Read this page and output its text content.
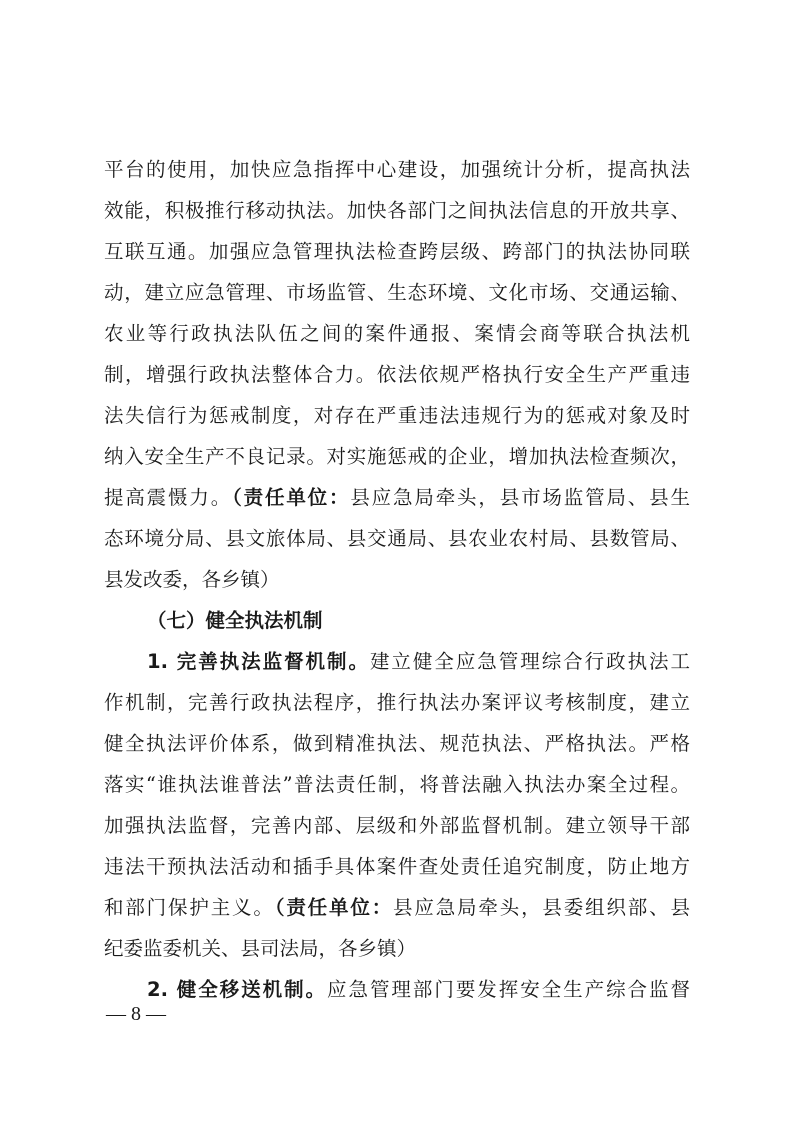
平台的使用，加快应急指挥中心建设，加强统计分析，提高执法
效能，积极推行移动执法。加快各部门之间执法信息的开放共享、
互联互通。加强应急管理执法检查跨层级、跨部门的执法协同联
动，建立应急管理、市场监管、生态环境、文化市场、交通运输、
农业等行政执法队伍之间的案件通报、案情会商等联合执法机
制，增强行政执法整体合力。依法依规严格执行安全生产严重违
法失信行为惩戒制度，对存在严重违法违规行为的惩戒对象及时
纳入安全生产不良记录。对实施惩戒的企业，增加执法检查频次，
提高震慑力。（责任单位：县应急局牵头，县市场监管局、县生
态环境分局、县文旅体局、县交通局、县农业农村局、县数管局、
县发改委，各乡镇）
（七）健全执法机制
1. 完善执法监督机制。建立健全应急管理综合行政执法工
作机制，完善行政执法程序，推行执法办案评议考核制度，建立
健全执法评价体系，做到精准执法、规范执法、严格执法。严格
落实“谁执法谁普法”普法责任制，将普法融入执法办案全过程。
加强执法监督，完善内部、层级和外部监督机制。建立领导干部
违法干预执法活动和插手具体案件查处责任追究制度，防止地方
和部门保护主义。（责任单位：县应急局牵头，县委组织部、县
纪委监委机关、县司法局，各乡镇）
2. 健全移送机制。应急管理部门要发挥安全生产综合监督
— 8 —
